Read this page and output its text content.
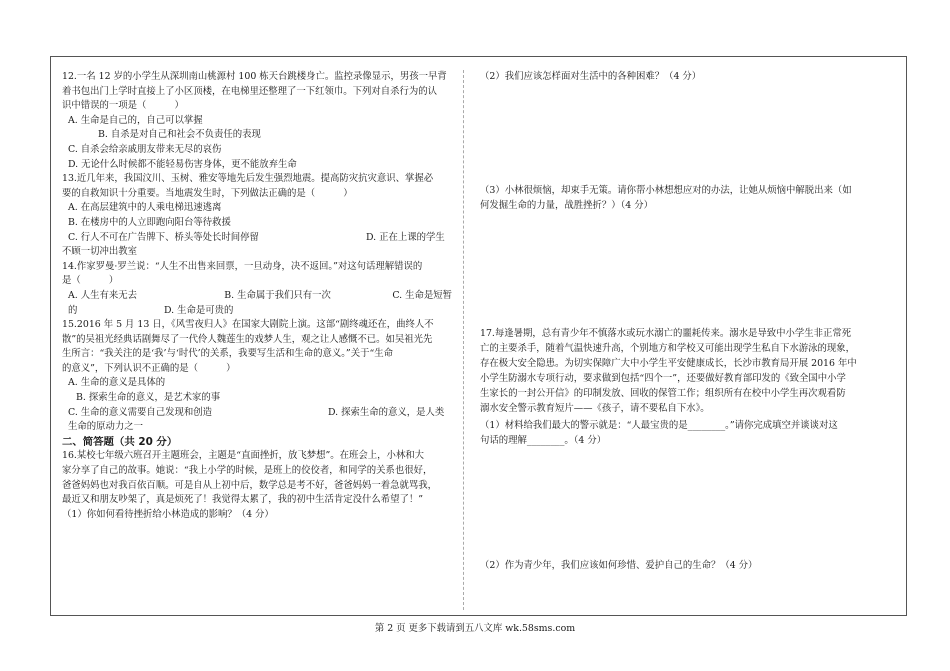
12.一名 12 岁的小学生从深圳南山桃源村 100 栋天台跳楼身亡。监控录像显示，男孩一早背

着书包出门上学时直接上了小区顶楼，在电梯里还整理了一下红领巾。下列对自杀行为的认

识中错误的一项是（　　　）

A. 生命是自己的，自己可以掌握

B. 自杀是对自己和社会不负责任的表现

C. 自杀会给亲戚朋友带来无尽的哀伤

D. 无论什么时候都不能轻易伤害身体，更不能放弃生命

13.近几年来，我国汶川、玉树、雅安等地先后发生强烈地震。提高防灾抗灾意识、掌握必

要的自救知识十分重要。当地震发生时，下列做法正确的是（　　　）

A. 在高层建筑中的人乘电梯迅速逃离

B. 在楼房中的人立即跑向阳台等待救援

C. 行人不可在广告牌下、桥头等处长时间停留	D. 正在上课的学生

不顾一切冲出教室

14.作家罗曼·罗兰说：“人生不出售来回票，一旦动身，决不返回。”对这句话理解错误的

是（　　　）

A. 人生有来无去	B. 生命属于我们只有一次	C. 生命是短暂

的	D. 生命是可贵的

15.2016 年 5 月 13 日，《风雪夜归人》在国家大剧院上演。这部“剧终魂还在，曲终人不

散”的吴祖光经典话剧舞尽了一代伶人魏莲生的戏梦人生，观之让人感慨不已。如吴祖光先

生所言：“我关注的是‘我’与‘时代’的关系，我要写生活和生命的意义。”关于“生命

的意义”，下列认识不正确的是（　　　）

A. 生命的意义是具体的

B. 探索生命的意义，是艺术家的事

C. 生命的意义需要自己发现和创造	D. 探索生命的意义，是人类

生命的原动力之一

二、简答题（共 20 分）

16.某校七年级六班召开主题班会，主题是“直面挫折，放飞梦想”。在班会上，小林和大

家分享了自己的故事。她说：“我上小学的时候，是班上的佼佼者，和同学的关系也很好，

爸爸妈妈也对我百依百顺。可是自从上初中后，数学总是考不好，爸爸妈妈一着急就骂我，

最近又和朋友吵架了，真是烦死了！我觉得太累了，我的初中生活肯定没什么希望了！”

（1）你如何看待挫折给小林造成的影响？（4 分）

（2）我们应该怎样面对生活中的各种困难？（4 分）

（3）小林很烦恼，却束手无策。请你帮小林想想应对的办法，让她从烦恼中解脱出来（如

何发掘生命的力量，战胜挫折？）（4 分）

17.每逢暑期，总有青少年不慎落水或玩水溺亡的噩耗传来。溺水是导致中小学生非正常死

亡的主要杀手，随着气温快速升高，个别地方和学校又可能出现学生私自下水游泳的现象，

存在极大安全隐患。为切实保障广大中小学生平安健康成长，长沙市教育局开展 2016 年中

小学生防溺水专项行动，要求做到包括“四个一”，还要做好教育部印发的《致全国中小学

生家长的一封公开信》的印制发放、回收的保管工作；组织所有在校中小学生再次观看防

溺水安全警示教育短片——《孩子，请不要私自下水》。

（1）材料给我们最大的警示就是：“人最宝贵的是________。”请你完成填空并谈谈对这

句话的理解________。（4 分）

（2）作为青少年，我们应该如何珍惜、爱护自己的生命？（4 分）

第 2 页 更多下载请到五八文库 wk.58sms.com
